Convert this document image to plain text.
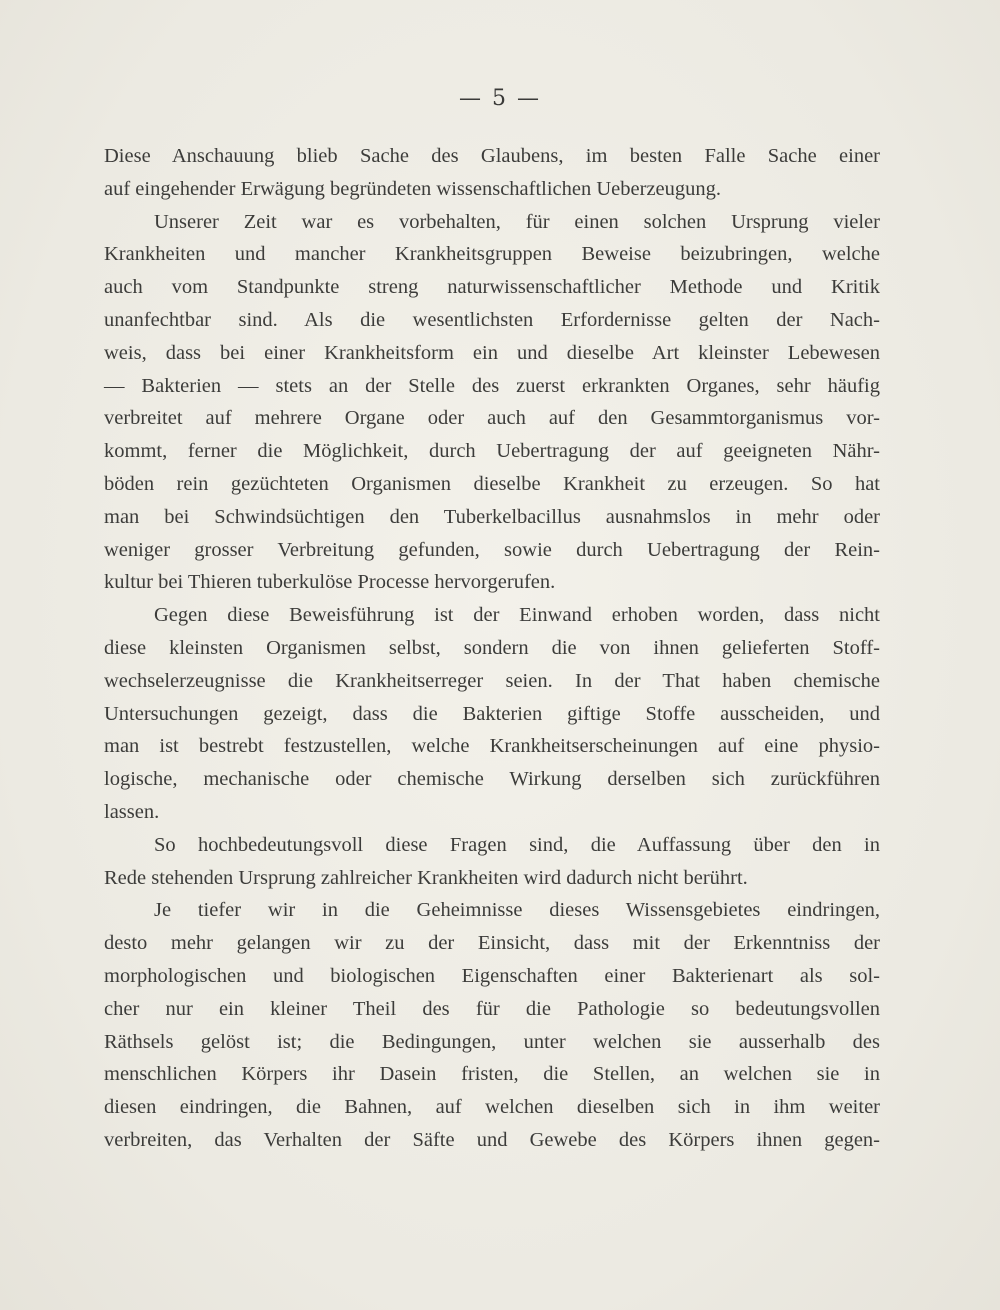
— 5 —
Diese Anschauung blieb Sache des Glaubens, im besten Falle Sache einer
auf eingehender Erwägung begründeten wissenschaftlichen Ueberzeugung.
Unserer Zeit war es vorbehalten, für einen solchen Ursprung vieler
Krankheiten und mancher Krankheitsgruppen Beweise beizubringen, welche
auch vom Standpunkte streng naturwissenschaftlicher Methode und Kritik
unanfechtbar sind. Als die wesentlichsten Erfordernisse gelten der Nach-
weis, dass bei einer Krankheitsform ein und dieselbe Art kleinster Lebewesen
— Bakterien — stets an der Stelle des zuerst erkrankten Organes, sehr häufig
verbreitet auf mehrere Organe oder auch auf den Gesammtorganismus vor-
kommt, ferner die Möglichkeit, durch Uebertragung der auf geeigneten Nähr-
böden rein gezüchteten Organismen dieselbe Krankheit zu erzeugen. So hat
man bei Schwindsüchtigen den Tuberkelbacillus ausnahmslos in mehr oder
weniger grosser Verbreitung gefunden, sowie durch Uebertragung der Rein-
kultur bei Thieren tuberkulöse Processe hervorgerufen.
Gegen diese Beweisführung ist der Einwand erhoben worden, dass nicht
diese kleinsten Organismen selbst, sondern die von ihnen gelieferten Stoff-
wechselerzeugnisse die Krankheitserreger seien. In der That haben chemische
Untersuchungen gezeigt, dass die Bakterien giftige Stoffe ausscheiden, und
man ist bestrebt festzustellen, welche Krankheitserscheinungen auf eine physio-
logische, mechanische oder chemische Wirkung derselben sich zurückführen
lassen.
So hochbedeutungsvoll diese Fragen sind, die Auffassung über den in
Rede stehenden Ursprung zahlreicher Krankheiten wird dadurch nicht berührt.
Je tiefer wir in die Geheimnisse dieses Wissensgebietes eindringen,
desto mehr gelangen wir zu der Einsicht, dass mit der Erkenntniss der
morphologischen und biologischen Eigenschaften einer Bakterienart als sol-
cher nur ein kleiner Theil des für die Pathologie so bedeutungsvollen
Räthsels gelöst ist; die Bedingungen, unter welchen sie ausserhalb des
menschlichen Körpers ihr Dasein fristen, die Stellen, an welchen sie in
diesen eindringen, die Bahnen, auf welchen dieselben sich in ihm weiter
verbreiten, das Verhalten der Säfte und Gewebe des Körpers ihnen gegen-
